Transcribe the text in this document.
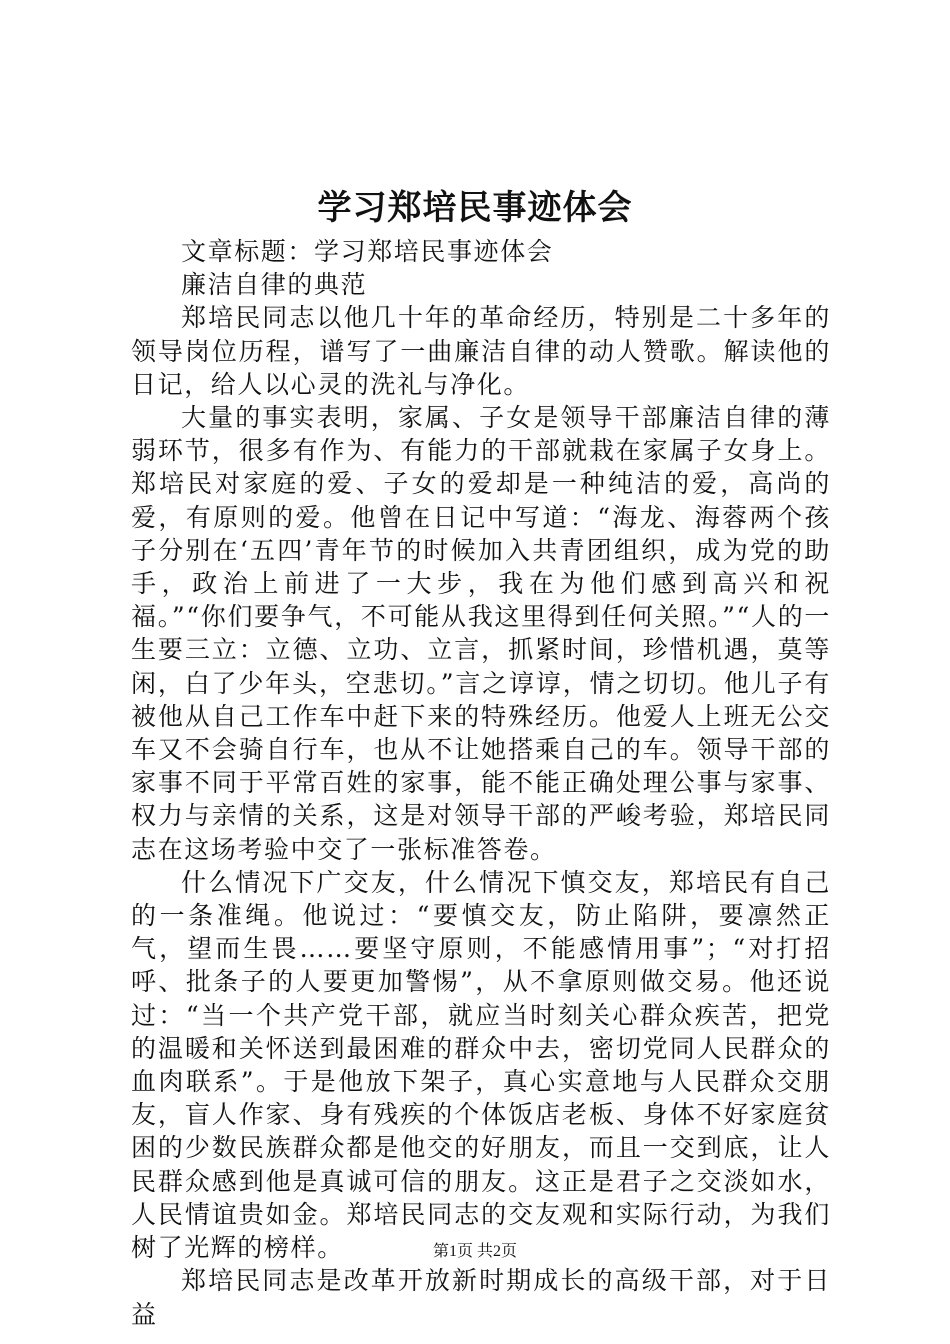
学习郑培民事迹体会

文章标题：学习郑培民事迹体会

廉洁自律的典范

郑培民同志以他几十年的革命经历，特别是二十多年的领导岗位历程，谱写了一曲廉洁自律的动人赞歌。解读他的日记，给人以心灵的洗礼与净化。

大量的事实表明，家属、子女是领导干部廉洁自律的薄弱环节，很多有作为、有能力的干部就栽在家属子女身上。郑培民对家庭的爱、子女的爱却是一种纯洁的爱，高尚的爱，有原则的爱。他曾在日记中写道：“海龙、海蓉两个孩子分别在‘五四’青年节的时候加入共青团组织，成为党的助手，政治上前进了一大步，我在为他们感到高兴和祝福。”“你们要争气，不可能从我这里得到任何关照。”“人的一生要三立：立德、立功、立言，抓紧时间，珍惜机遇，莫等闲，白了少年头，空悲切。”言之谆谆，情之切切。他儿子有被他从自己工作车中赶下来的特殊经历。他爱人上班无公交车又不会骑自行车，也从不让她搭乘自己的车。领导干部的家事不同于平常百姓的家事，能不能正确处理公事与家事、权力与亲情的关系，这是对领导干部的严峻考验，郑培民同志在这场考验中交了一张标准答卷。

什么情况下广交友，什么情况下慎交友，郑培民有自己的一条准绳。他说过：“要慎交友，防止陷阱，要凛然正气，望而生畏……要坚守原则，不能感情用事”；“对打招呼、批条子的人要更加警惕”，从不拿原则做交易。他还说过：“当一个共产党干部，就应当时刻关心群众疾苦，把党的温暖和关怀送到最困难的群众中去，密切党同人民群众的血肉联系”。于是他放下架子，真心实意地与人民群众交朋友，盲人作家、身有残疾的个体饭店老板、身体不好家庭贫困的少数民族群众都是他交的好朋友，而且一交到底，让人民群众感到他是真诚可信的朋友。这正是君子之交淡如水，人民情谊贵如金。郑培民同志的交友观和实际行动，为我们树了光辉的榜样。

郑培民同志是改革开放新时期成长的高级干部，对于日益

第1页 共2页
